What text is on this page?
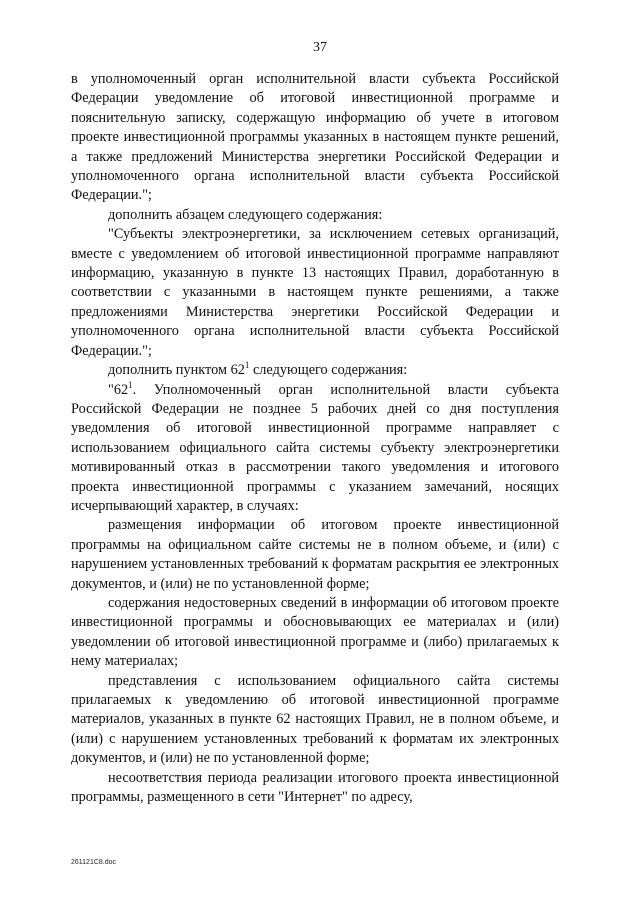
37

в уполномоченный орган исполнительной власти субъекта Российской Федерации уведомление об итоговой инвестиционной программе и пояснительную записку, содержащую информацию об учете в итоговом проекте инвестиционной программы указанных в настоящем пункте решений, а также предложений Министерства энергетики Российской Федерации и уполномоченного органа исполнительной власти субъекта Российской Федерации.";

дополнить абзацем следующего содержания:

"Субъекты электроэнергетики, за исключением сетевых организаций, вместе с уведомлением об итоговой инвестиционной программе направляют информацию, указанную в пункте 13 настоящих Правил, доработанную в соответствии с указанными в настоящем пункте решениями, а также предложениями Министерства энергетики Российской Федерации и уполномоченного органа исполнительной власти субъекта Российской Федерации.";

дополнить пунктом $62^1$ следующего содержания:

"$62^1$. Уполномоченный орган исполнительной власти субъекта Российской Федерации не позднее 5 рабочих дней со дня поступления уведомления об итоговой инвестиционной программе направляет с использованием официального сайта системы субъекту электроэнергетики мотивированный отказ в рассмотрении такого уведомления и итогового проекта инвестиционной программы с указанием замечаний, носящих исчерпывающий характер, в случаях:

размещения информации об итоговом проекте инвестиционной программы на официальном сайте системы не в полном объеме, и (или) с нарушением установленных требований к форматам раскрытия ее электронных документов, и (или) не по установленной форме;

содержания недостоверных сведений в информации об итоговом проекте инвестиционной программы и обосновывающих ее материалах и (или) уведомлении об итоговой инвестиционной программе и (либо) прилагаемых к нему материалах;

представления с использованием официального сайта системы прилагаемых к уведомлению об итоговой инвестиционной программе материалов, указанных в пункте 62 настоящих Правил, не в полном объеме, и (или) с нарушением установленных требований к форматам их электронных документов, и (или) не по установленной форме;

несоответствия периода реализации итогового проекта инвестиционной программы, размещенного в сети "Интернет" по адресу,

261121C8.doc
